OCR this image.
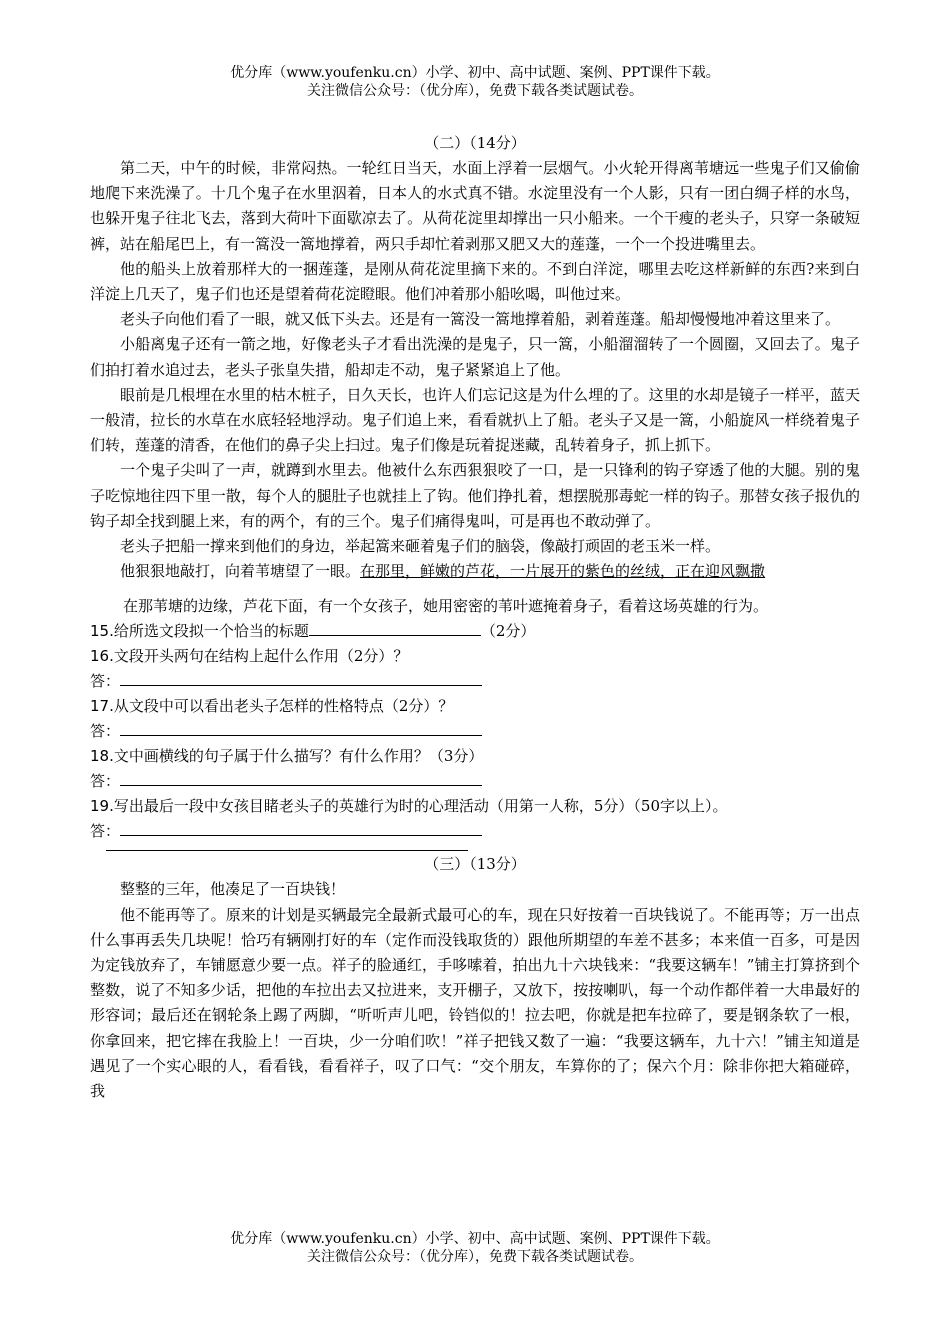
优分库（www.youfenku.cn）小学、初中、高中试题、案例、PPT课件下载。
关注微信公众号：（优分库），免费下载各类试题试卷。
（二）（14分）

第二天，中午的时候，非常闷热。一轮红日当天，水面上浮着一层烟气。小火轮开得离苇塘远一些鬼子们又偷偷地爬下来洗澡了。十几个鬼子在水里泅着，日本人的水式真不错。水淀里没有一个人影，只有一团白绸子样的水鸟，也躲开鬼子往北飞去，落到大荷叶下面歇凉去了。从荷花淀里却撑出一只小船来。一个干瘦的老头子，只穿一条破短裤，站在船尾巴上，有一篙没一篙地撑着，两只手却忙着剥那又肥又大的莲蓬，一个一个投进嘴里去。

他的船头上放着那样大的一捆莲蓬，是刚从荷花淀里摘下来的。不到白洋淀，哪里去吃这样新鲜的东西?来到白洋淀上几天了，鬼子们也还是望着荷花淀瞪眼。他们冲着那小船吆喝，叫他过来。

老头子向他们看了一眼，就又低下头去。还是有一篙没一篙地撑着船，剥着莲蓬。船却慢慢地冲着这里来了。

小船离鬼子还有一箭之地，好像老头子才看出洗澡的是鬼子，只一篙，小船溜溜转了一个圆圈，又回去了。鬼子们拍打着水追过去，老头子张皇失措，船却走不动，鬼子紧紧追上了他。

眼前是几根埋在水里的枯木桩子，日久天长，也许人们忘记这是为什么埋的了。这里的水却是镜子一样平，蓝天一般清，拉长的水草在水底轻轻地浮动。鬼子们追上来，看看就扒上了船。老头子又是一篙，小船旋风一样绕着鬼子们转，莲蓬的清香，在他们的鼻子尖上扫过。鬼子们像是玩着捉迷藏，乱转着身子，抓上抓下。

一个鬼子尖叫了一声，就蹲到水里去。他被什么东西狠狠咬了一口，是一只锋利的钩子穿透了他的大腿。别的鬼子吃惊地往四下里一散，每个人的腿肚子也就挂上了钩。他们挣扎着，想摆脱那毒蛇一样的钩子。那替女孩子报仇的钩子却全找到腿上来，有的两个，有的三个。鬼子们痛得鬼叫，可是再也不敢动弹了。

老头子把船一撑来到他们的身边，举起篙来砸着鬼子们的脑袋，像敲打顽固的老玉米一样。

他狠狠地敲打，向着苇塘望了一眼。在那里，鲜嫩的芦花，一片展开的紫色的丝绒，正在迎风飘撒

在那苇塘的边缘，芦花下面，有一个女孩子，她用密密的苇叶遮掩着身子，看着这场英雄的行为。

15.给所选文段拟一个恰当的标题	（2分）
16.文段开头两句在结构上起什么作用（2分）？
答：
17.从文段中可以看出老头子怎样的性格特点（2分）？
答：
18.文中画横线的句子属于什么描写？有什么作用？（3分）
答：
19.写出最后一段中女孩目睹老头子的英雄行为时的心理活动（用第一人称，5分）（50字以上）。
答：
（三）（13分）

整整的三年，他凑足了一百块钱！

他不能再等了。原来的计划是买辆最完全最新式最可心的车，现在只好按着一百块钱说了。不能再等；万一出点什么事再丢失几块呢！恰巧有辆刚打好的车（定作而没钱取货的）跟他所期望的车差不甚多；本来值一百多，可是因为定钱放弃了，车铺愿意少要一点。祥子的脸通红，手哆嗦着，拍出九十六块钱来：“我要这辆车！”铺主打算挤到个整数，说了不知多少话，把他的车拉出去又拉进来，支开棚子，又放下，按按喇叭，每一个动作都伴着一大串最好的形容词；最后还在钢轮条上踢了两脚，“听听声儿吧，铃铛似的！拉去吧，你就是把车拉碎了，要是钢条软了一根，你拿回来，把它摔在我脸上！一百块，少一分咱们吹！”祥子把钱又数了一遍：“我要这辆车，九十六！”铺主知道是遇见了一个实心眼的人，看看钱，看看祥子，叹了口气：“交个朋友，车算你的了；保六个月：除非你把大箱碰碎，我

优分库（www.youfenku.cn）小学、初中、高中试题、案例、PPT课件下载。
关注微信公众号：（优分库），免费下载各类试题试卷。
